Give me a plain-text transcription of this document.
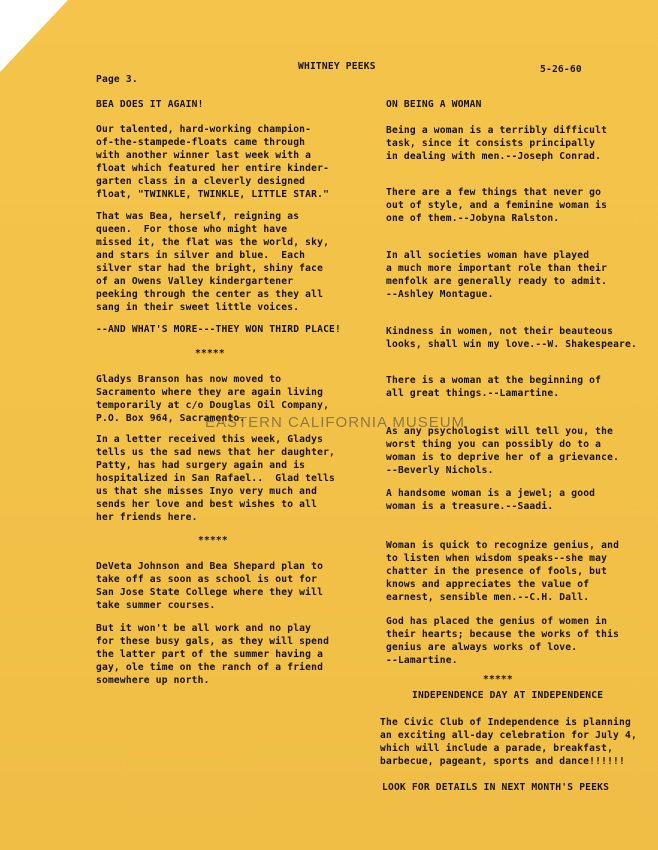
WHITNEY PEEKS	5-26-60
Page 3.
BEA DOES IT AGAIN!
Our talented, hard-working champion-
of-the-stampede-floats came through
with another winner last week with a
float which featured her entire kinder-
garten class in a cleverly designed
float, "TWINKLE, TWINKLE, LITTLE STAR."
That was Bea, herself, reigning as
queen.  For those who might have
missed it, the flat was the world, sky,
and stars in silver and blue.  Each
silver star had the bright, shiny face
of an Owens Valley kindergartener
peeking through the center as they all
sang in their sweet little voices.
--AND WHAT'S MORE---THEY WON THIRD PLACE!
*****
Gladys Branson has now moved to
Sacramento where they are again living
temporarily at c/o Douglas Oil Company,
P.O. Box 964, Sacramento.
In a letter received this week, Gladys
tells us the sad news that her daughter,
Patty, has had surgery again and is
hospitalized in San Rafael..  Glad tells
us that she misses Inyo very much and
sends her love and best wishes to all
her friends here.
*****
DeVeta Johnson and Bea Shepard plan to
take off as soon as school is out for
San Jose State College where they will
take summer courses.
But it won't be all work and no play
for these busy gals, as they will spend
the latter part of the summer having a
gay, ole time on the ranch of a friend
somewhere up north.
ON BEING A WOMAN
Being a woman is a terribly difficult
task, since it consists principally
in dealing with men.--Joseph Conrad.
There are a few things that never go
out of style, and a feminine woman is
one of them.--Jobyna Ralston.
In all societies woman have played
a much more important role than their
menfolk are generally ready to admit.
--Ashley Montague.
Kindness in women, not their beauteous
looks, shall win my love.--W. Shakespeare.
There is a woman at the beginning of
all great things.--Lamartine.
As any psychologist will tell you, the
worst thing you can possibly do to a
woman is to deprive her of a grievance.
--Beverly Nichols.
A handsome woman is a jewel; a good
woman is a treasure.--Saadi.
Woman is quick to recognize genius, and
to listen when wisdom speaks--she may
chatter in the presence of fools, but
knows and appreciates the value of
earnest, sensible men.--C.H. Dall.
God has placed the genius of women in
their hearts; because the works of this
genius are always works of love.
--Lamartine.
*****
INDEPENDENCE DAY AT INDEPENDENCE
The Civic Club of Independence is planning
an exciting all-day celebration for July 4,
which will include a parade, breakfast,
barbecue, pageant, sports and dance!!!!!!
LOOK FOR DETAILS IN NEXT MONTH'S PEEKS
EASTERN CALIFORNIA MUSEUM
